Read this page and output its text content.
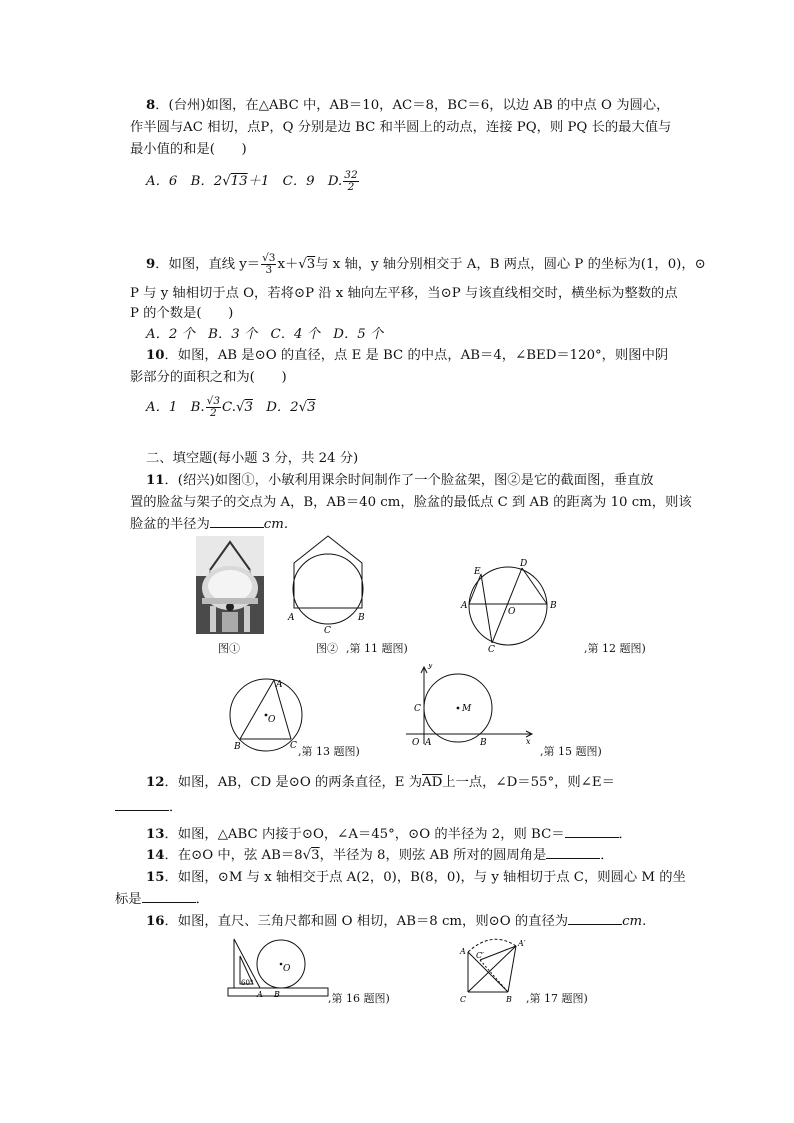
8．(台州)如图，在△ABC 中，AB＝10，AC＝8，BC＝6，以边 AB 的中点 O 为圆心，
作半圆与AC 相切，点P，Q 分别是边 BC 和半圆上的动点，连接 PQ，则 PQ 长的最大值与
最小值的和是(　　)
A．6　B．2√13＋1　C．9　D. $\frac{32}{2}$
9．如图，直线 $y= \frac{√3}{3} x+√3$与 x 轴，y 轴分别相交于 A，B 两点，圆心 P 的坐标为(1，0)，⊙
P 与 y 轴相切于点 O，若将⊙P 沿 x 轴向左平移，当⊙P 与该直线相交时，横坐标为整数的点
P 的个数是(　　)
A．2 个　B．3 个　C．4 个　D．5 个
10．如图，AB 是⊙O 的直径，点 E 是 BC 的中点，AB＝4，∠BED＝120°，则图中阴
影部分的面积之和为(　　)
A．1　B. $\frac{√3}{2} C.√3$　 D．2√3
二、填空题(每小题 3 分，共 24 分)
11．(绍兴)如图①，小敏利用课余时间制作了一个脸盆架，图②是它的截面图，垂直放
置的脸盆与架子的交点为 A，B，AB＝40 cm，脸盆的最低点 C 到 AB 的距离为 10 cm，则该
脸盆的半径为	cm.
图①
A	B
C
图② ,第 11 题图)
E
D
A	B
O
C	,第 12 题图)
A
O
B	C ,第 13 题图)
y
x
M
C
O A	B
,第 15 题图)
12．如图，AB，CD 是⊙O 的两条直径，E 为$\overline{AD}$上一点，∠D＝55°，则∠E＝
．
13．如图，△ABC 内接于⊙O，∠A＝45°，⊙O 的半径为 2，则 BC＝	．
14．在⊙O 中，弦 AB＝8√3，半径为 8，则弦 AB 所对的圆周角是	．
15．如图，⊙M 与 x 轴相交于点 A(2，0)，B(8，0)，与 y 轴相切于点 C，则圆心 M 的坐
标是	．
16．如图，直尺、三角尺都和圆 O 相切，AB＝8 cm，则⊙O 的直径为	cm.
O
60°
A B	,第 16 题图)
A
A′
C′
C	B ,第 17 题图)
